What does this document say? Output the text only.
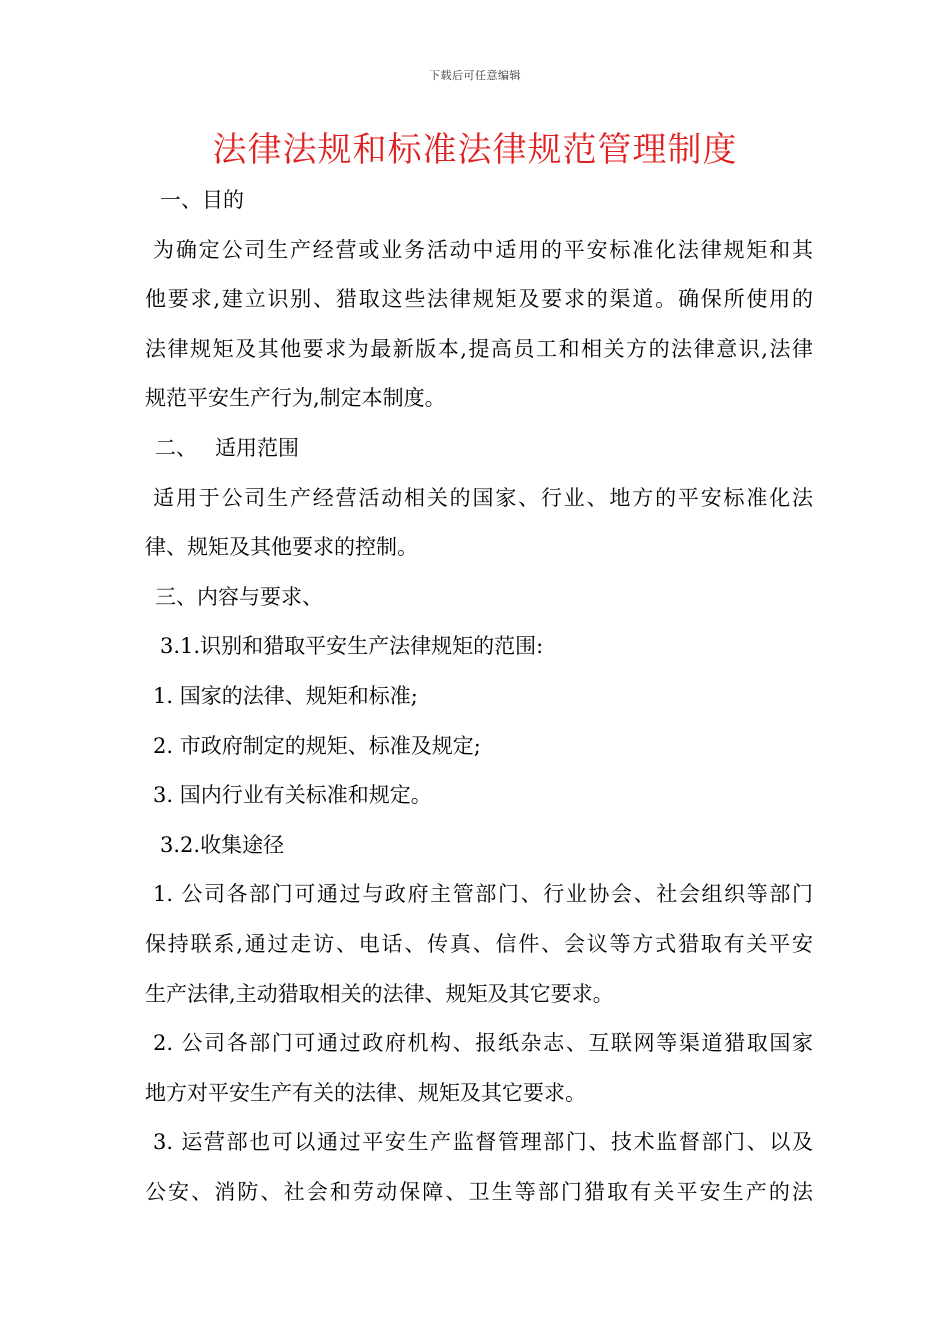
下载后可任意编辑
法律法规和标准法律规范管理制度
一、目的
为确定公司生产经营或业务活动中适用的平安标准化法律规矩和其
他要求,建立识别、猎取这些法律规矩及要求的渠道。确保所使用的
法律规矩及其他要求为最新版本,提高员工和相关方的法律意识,法律
规范平安生产行为,制定本制度。
二、 适用范围
适用于公司生产经营活动相关的国家、行业、地方的平安标准化法
律、规矩及其他要求的控制。
三、内容与要求、
3.1.识别和猎取平安生产法律规矩的范围:
1. 国家的法律、规矩和标准;
2. 市政府制定的规矩、标准及规定;
3. 国内行业有关标准和规定。
3.2.收集途径
1. 公司各部门可通过与政府主管部门、行业协会、社会组织等部门
保持联系,通过走访、电话、传真、信件、会议等方式猎取有关平安
生产法律,主动猎取相关的法律、规矩及其它要求。
2. 公司各部门可通过政府机构、报纸杂志、互联网等渠道猎取国家
地方对平安生产有关的法律、规矩及其它要求。
3. 运营部也可以通过平安生产监督管理部门、技术监督部门、以及
公安、消防、社会和劳动保障、卫生等部门猎取有关平安生产的法
